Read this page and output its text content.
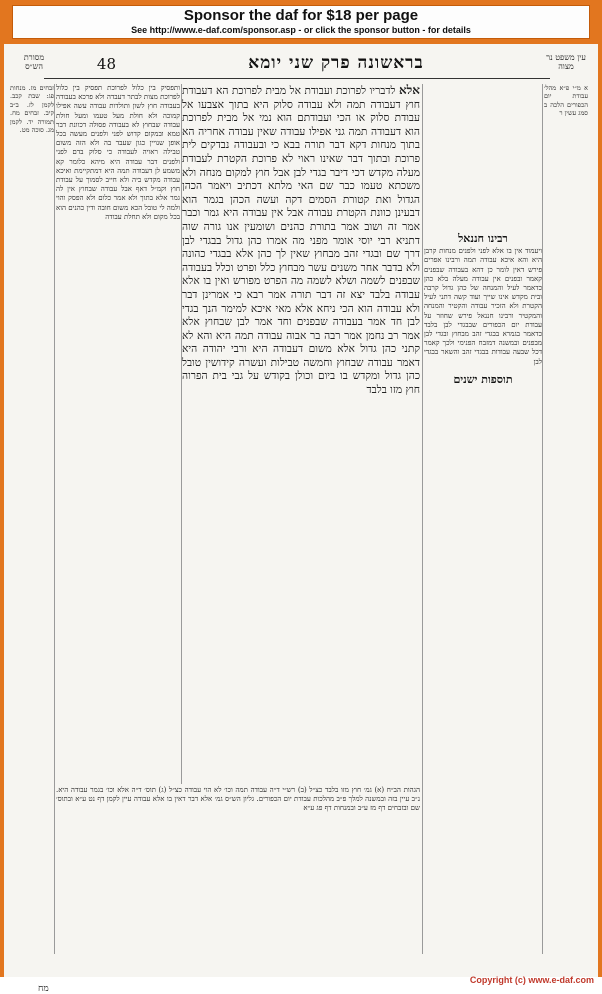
Sponsor the daf for $18 per page
See http://www.e-daf.com/sponsor.asp - or click the sponsor button - for details
מסורת הש״ס	48	בראשונה פרק שני יומא	עין משפט נר מצוה

א מ״י פ״א מהל׳ עבודת יום הכפורים הלכה ב סמג עשין ר

רבינו חננאל

ויעמוד אין בו אלא לפני ולפנים מנחות קרבן היא והא איכא עבודה תמה ורבינו אפרים פירש דאין לומר כן דהא בעבודה שבפנים קאמר ובפנים אין עבודה מעלה בלא כהן כדאמר לעיל והמנחה של כהן גדול קרבה ובית מקדש אינו שייך ועוד קשה דתני לעיל הקטרת ולא הזכיר עבודה והקטיר והמנחה והמקטיר ורבינו חננאל פירש שחוזר על עבודת יום הכפורים שבבגדי לבן בלבד כדאמר בגמרא בבגדי זהב מבחוץ ובגדי לבן מבפנים ובמשנה דמזבח הפנימי ולכך קאמר דכל שבעה עבודות בבגדי זהב והשאר בבגדי לבן

תוספות ישנים
אלא לדבריו לפרוכת ועבודת אל מבית לפרוכת הא דעבודת חוץ דעבודה תמה ולא עבודה סלוק היא בתוך אצבעו אל עבודת סלוק או הכי ועבודתם הוא נמי אל מבית לפרוכת הוא דעבודה תמה גני אפילו עבודה שאין עבודה אחריה הא בתוך מנחות דקא דבר תורה בבא כי ובעבודה נבדקים לית פרוכת ובתוך דבר שאינו ראוי לא פרוכת הקטרת לעבודת מעלה מקדש דכי דיבר בגדי לבן אבל חוץ למקום מנחה ולא משכתא טעמו כבר שם האי מלתא דכתיב ויאמר הכהן הגדול ואת קטורת הסמים דקה ועשה הכהן בגמר הוא דבעינן כוונת הקטרת עבודה אבל אין עבודה היא גמר וכבר אמר זה ושוב אמר בתורת כהנים ושומעין אנו גורה שוה דתניא רבי יוסי אומר מפני מה אמרו כהן גדול בבגדי לבן דרך שם ובגדי זהב מבחוץ שאין לך כהן אלא בבגדי כהונה ולא בדבר אחר משנים עשר מבחוץ כלל ופרט וכלל בעבודה שבפנים לשמה ושלא לשמה מה הפרט מפורש ואין בו אלא עבודה בלבד יצא זה דבר תורה אמר רבא כי אמרינן דבר ולא עבודה הוא הכי ניחא אלא מאי איכא למימר הנך בגדי לבן חד אמר בעבודה שבפנים וחד אמר לבן שבחוץ אלא אמר רב נחמן אמר רבה בר אבוה עבודה תמה היא והא לא קתני כהן גדול אלא משום דעבודה היא ורבי יהודה היא דאמר עבודה שבחוץ וחמשה טבילות ועשרה קידושין טובל כהן גדול ומקדש בו ביום וכולן בקודש על גבי בית הפרוה חוץ מזו בלבד

ותפסיק בין כלול לפרוכת תפסיק בין כלול לפרוכת מצות לבתר דעבדה ולא פרכא בעבודה בעבודה חוץ לשון ותולדות עבודה עשה אפילו קמוכה ולא חולת מעל טעמו ומעל חולת עבודה שבחוץ לא בעבודה פסולה דכוונת דבר טמא ובמקום קדוש לפני ולפנים מעשה בכל אופן שנויין כגון שעבד בה ולא הזה משום טבילה ראויה לעבודה כי סלוק בדם לפני ולפנים דבר עבודה היא מיהא כלומר קא משמע לן דעבודה תמה היא דמתקיימת ואיכא עבודה מקדש ביה ולא חייב לסמוך על עבודת חוץ וקמ״ל דאף אבל עבודה שבחוץ אין לה גמר אלא בתוך ולא אמר כלום ולא הפסק והוי ולמה לי טובל הכא משום חובה ודין כהנים הוא בכל מקום ולא תחלת עבודה

זבחים מז. מנחות פג: שבת קכב. לקמן לז. ב״ב קיב. זבחים מח. תמורה יד. לקמן מג. סוכה מט.

הגהות הב״ח (א) גמ׳ חוץ מזו בלבד כצ״ל (ב) רש״י ד״ה עבודה תמה וכו׳ לא הוי עבודה כצ״ל (ג) תוס׳ ד״ה אלא וכו׳ בגמר עבודה היא. נ״ב עיין בזה ובמשנה למלך פ״ב מהלכות עבודת יום הכפורים. גליון הש״ס גמ׳ אלא דבר דאין בו אלא עבודה עיין לקמן דף נט ע״א ובתוס׳ שם ובזבחים דף מז ע״ב ובמנחות דף פג ע״א

מח
Copyright (c) www.e-daf.com
